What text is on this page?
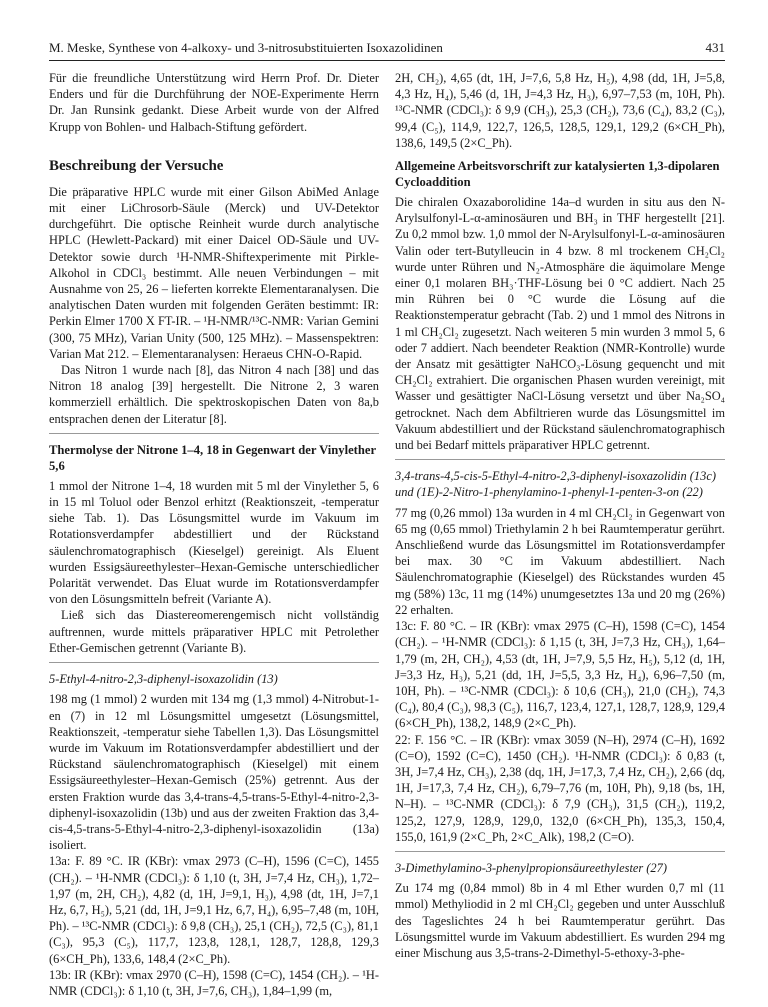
M. Meske, Synthese von 4-alkoxy- und 3-nitrosubstituierten Isoxazolidinen	431

Für die freundliche Unterstützung wird Herrn Prof. Dr. Dieter Enders und für die Durchführung der NOE-Experimente Herrn Dr. Jan Runsink gedankt. Diese Arbeit wurde von der Alfred Krupp von Bohlen- und Halbach-Stiftung gefördert.

Beschreibung der Versuche

Die präparative HPLC wurde mit einer Gilson AbiMed Anlage mit einer LiChrosorb-Säule (Merck) und UV-Detektor durchgeführt. Die optische Reinheit wurde durch analytische HPLC (Hewlett-Packard) mit einer Daicel OD-Säule und UV-Detektor sowie durch ¹H-NMR-Shiftexperimente mit Pirkle-Alkohol in CDCl₃ bestimmt. Alle neuen Verbindungen – mit Ausnahme von 25, 26 – lieferten korrekte Elementaranalysen. Die analytischen Daten wurden mit folgenden Geräten bestimmt: IR: Perkin Elmer 1700 X FT-IR. – ¹H-NMR/¹³C-NMR: Varian Gemini (300, 75 MHz), Varian Unity (500, 125 MHz). – Massenspektren: Varian Mat 212. – Elementaranalysen: Heraeus CHN-O-Rapid.

Das Nitron 1 wurde nach [8], das Nitron 4 nach [38] und das Nitron 18 analog [39] hergestellt. Die Nitrone 2, 3 waren kommerziell erhältlich. Die spektroskopischen Daten von 8a,b entsprachen denen der Literatur [8].

Thermolyse der Nitrone 1–4, 18 in Gegenwart der Vinylether 5,6

1 mmol der Nitrone 1–4, 18 wurden mit 5 ml der Vinylether 5, 6 in 15 ml Toluol oder Benzol erhitzt (Reaktionszeit, -temperatur siehe Tab. 1). Das Lösungsmittel wurde im Vakuum im Rotationsverdampfer abdestilliert und der Rückstand säulenchromatographisch (Kieselgel) gereinigt. Als Eluent wurden Essigsäureethylester–Hexan-Gemische unterschiedlicher Polarität verwendet. Das Eluat wurde im Rotationsverdampfer von den Lösungsmitteln befreit (Variante A).

Ließ sich das Diastereomerengemisch nicht vollständig auftrennen, wurde mittels präparativer HPLC mit Petrolether Ether-Gemischen getrennt (Variante B).

5-Ethyl-4-nitro-2,3-diphenyl-isoxazolidin (13)

198 mg (1 mmol) 2 wurden mit 134 mg (1,3 mmol) 4-Nitrobut-1-en (7) in 12 ml Lösungsmittel umgesetzt (Lösungsmittel, Reaktionszeit, -temperatur siehe Tabellen 1,3). Das Lösungsmittel wurde im Vakuum im Rotationsverdampfer abdestilliert und der Rückstand säulenchromatographisch (Kieselgel) mit einem Essigsäureethylester–Hexan-Gemisch (25%) getrennt. Aus der ersten Fraktion wurde das 3,4-trans-4,5-trans-5-Ethyl-4-nitro-2,3-diphenyl-isoxazolidin (13b) und aus der zweiten Fraktion das 3,4-cis-4,5-trans-5-Ethyl-4-nitro-2,3-diphenyl-isoxazolidin (13a) isoliert.

13a: F. 89 °C. IR (KBr): νmax 2973 (C–H), 1596 (C=C), 1455 (CH₂). – ¹H-NMR (CDCl₃): δ 1,10 (t, 3H, J=7,4 Hz, CH₃), 1,72–1,97 (m, 2H, CH₂), 4,82 (d, 1H, J=9,1, H₃), 4,98 (dt, 1H, J=7,1 Hz, 6,7, H₅), 5,21 (dd, 1H, J=9,1 Hz, 6,7, H₄), 6,95–7,48 (m, 10H, Ph). – ¹³C-NMR (CDCl₃): δ 9,8 (CH₃), 25,1 (CH₂), 72,5 (C₃), 81,1 (C₃), 95,3 (C₅), 117,7, 123,8, 128,1, 128,7, 128,8, 129,3 (6×CH_Ph), 133,6, 148,4 (2×C_Ph).

13b: IR (KBr): νmax 2970 (C–H), 1598 (C=C), 1454 (CH₂). – ¹H-NMR (CDCl₃): δ 1,10 (t, 3H, J=7,6, CH₃), 1,84–1,99 (m,

2H, CH₂), 4,65 (dt, 1H, J=7,6, 5,8 Hz, H₅), 4,98 (dd, 1H, J=5,8, 4,3 Hz, H₄), 5,46 (d, 1H, J=4,3 Hz, H₃), 6,97–7,53 (m, 10H, Ph). ¹³C-NMR (CDCl₃): δ 9,9 (CH₃), 25,3 (CH₂), 73,6 (C₄), 83,2 (C₃), 99,4 (C₅), 114,9, 122,7, 126,5, 128,5, 129,1, 129,2 (6×CH_Ph), 138,6, 149,5 (2×C_Ph).

Allgemeine Arbeitsvorschrift zur katalysierten 1,3-dipolaren Cycloaddition

Die chiralen Oxazaborolidine 14a–d wurden in situ aus den N-Arylsulfonyl-L-α-aminosäuren und BH₃ in THF hergestellt [21]. Zu 0,2 mmol bzw. 1,0 mmol der N-Arylsulfonyl-L-α-aminosäuren Valin oder tert-Butylleucin in 4 bzw. 8 ml trockenem CH₂Cl₂ wurde unter Rühren und N₂-Atmosphäre die äquimolare Menge einer 0,1 molaren BH₃·THF-Lösung bei 0 °C addiert. Nach 25 min Rühren bei 0 °C wurde die Lösung auf die Reaktionstemperatur gebracht (Tab. 2) und 1 mmol des Nitrons in 1 ml CH₂Cl₂ zugesetzt. Nach weiteren 5 min wurden 3 mmol 5, 6 oder 7 addiert. Nach beendeter Reaktion (NMR-Kontrolle) wurde der Ansatz mit gesättigter NaHCO₃-Lösung gequencht und mit CH₂Cl₂ extrahiert. Die organischen Phasen wurden vereinigt, mit Wasser und gesättigter NaCl-Lösung versetzt und über Na₂SO₄ getrocknet. Nach dem Abfiltrieren wurde das Lösungsmittel im Vakuum abdestilliert und der Rückstand säulenchromatographisch und bei Bedarf mittels präparativer HPLC getrennt.

3,4-trans-4,5-cis-5-Ethyl-4-nitro-2,3-diphenyl-isoxazolidin (13c) und (1E)-2-Nitro-1-phenylamino-1-phenyl-1-penten-3-on (22)

77 mg (0,26 mmol) 13a wurden in 4 ml CH₂Cl₂ in Gegenwart von 65 mg (0,65 mmol) Triethylamin 2 h bei Raumtemperatur gerührt. Anschließend wurde das Lösungsmittel im Rotationsverdampfer bei max. 30 °C im Vakuum abdestilliert. Nach Säulenchromatographie (Kieselgel) des Rückstandes wurden 45 mg (58%) 13c, 11 mg (14%) unumgesetztes 13a und 20 mg (26%) 22 erhalten.

13c: F. 80 °C. – IR (KBr): νmax 2975 (C–H), 1598 (C=C), 1454 (CH₂). – ¹H-NMR (CDCl₃): δ 1,15 (t, 3H, J=7,3 Hz, CH₃), 1,64–1,79 (m, 2H, CH₂), 4,53 (dt, 1H, J=7,9, 5,5 Hz, H₅), 5,12 (d, 1H, J=3,3 Hz, H₃), 5,21 (dd, 1H, J=5,5, 3,3 Hz, H₄), 6,96–7,50 (m, 10H, Ph). – ¹³C-NMR (CDCl₃): δ 10,6 (CH₃), 21,0 (CH₂), 74,3 (C₄), 80,4 (C₃), 98,3 (C₅), 116,7, 123,4, 127,1, 128,7, 128,9, 129,4 (6×CH_Ph), 138,2, 148,9 (2×C_Ph).

22: F. 156 °C. – IR (KBr): νmax 3059 (N–H), 2974 (C–H), 1692 (C=O), 1592 (C=C), 1450 (CH₂). ¹H-NMR (CDCl₃): δ 0,83 (t, 3H, J=7,4 Hz, CH₃), 2,38 (dq, 1H, J=17,3, 7,4 Hz, CH₂), 2,66 (dq, 1H, J=17,3, 7,4 Hz, CH₂), 6,79–7,76 (m, 10H, Ph), 9,18 (bs, 1H, N–H). – ¹³C-NMR (CDCl₃): δ 7,9 (CH₃), 31,5 (CH₂), 119,2, 125,2, 127,9, 128,9, 129,0, 132,0 (6×CH_Ph), 135,3, 150,4, 155,0, 161,9 (2×C_Ph, 2×C_Alk), 198,2 (C=O).

3-Dimethylamino-3-phenylpropionsäureethylester (27)

Zu 174 mg (0,84 mmol) 8b in 4 ml Ether wurden 0,7 ml (11 mmol) Methyliodid in 2 ml CH₂Cl₂ gegeben und unter Ausschluß des Tageslichtes 24 h bei Raumtemperatur gerührt. Das Lösungsmittel wurde im Vakuum abdestilliert. Es wurden 294 mg einer Mischung aus 3,5-trans-2-Dimethyl-5-ethoxy-3-phe-
